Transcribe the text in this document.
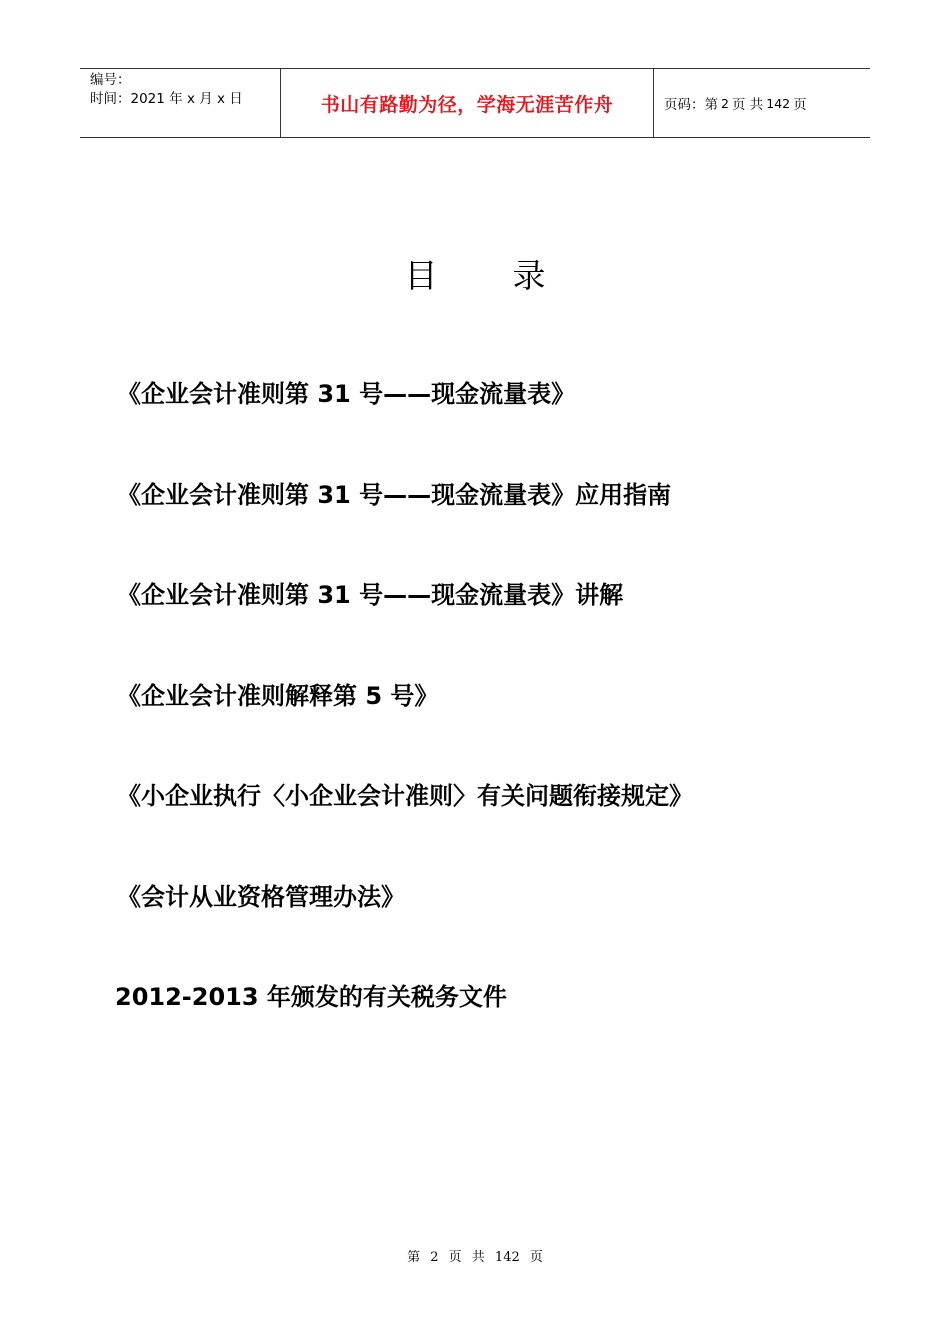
编号：
时间：2021 年 x 月 x 日	书山有路勤为径，学海无涯苦作舟	页码：第 2 页 共 142 页
目录
《企业会计准则第 31 号——现金流量表》
《企业会计准则第 31 号——现金流量表》应用指南
《企业会计准则第 31 号——现金流量表》讲解
《企业会计准则解释第 5 号》
《小企业执行〈小企业会计准则〉有关问题衔接规定》
《会计从业资格管理办法》
2012-2013 年颁发的有关税务文件
第 2 页 共 142 页
